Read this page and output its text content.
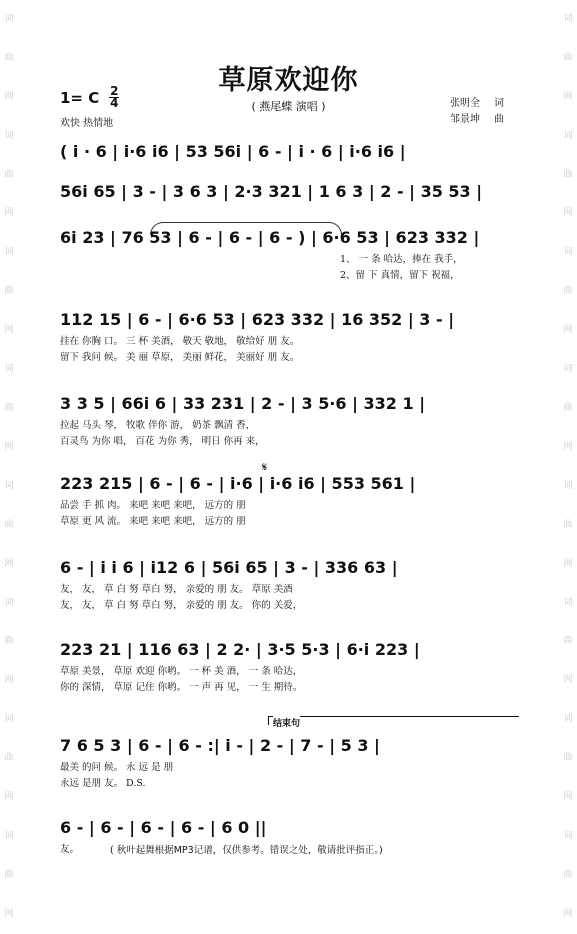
词
曲
网
词
曲
网
词
曲
网
词
曲
网
词
曲
网
词
曲
网
词
曲
网
词
曲
网
词
曲
网
词
曲
网
词
曲
网
词
曲
网
词
曲
网
词
曲
网
词
曲
网
词
曲
网
草原欢迎你
( 燕尾蝶 演唱 )
1= C 2
4
欢快 热情地
张明全 词
邹景坤 曲
𝄋
结束句
( i · 6 | i·6 i6 | 53 56i | 6 - | i · 6 | i·6 i6 |
56i 65 | 3 - | 3 6 3 | 2·3 321 | 1 6 3 | 2 - | 35 53 |
6i 23 | 76 53 | 6 - | 6 - | 6 - ) | 6·6 53 | 623 332 |
1、 一 条 哈达，捧在 我手，
2、留 下 真情，留下 祝福，
112 15 | 6 - | 6·6 53 | 623 332 | 16 352 | 3 - |
挂在 你胸 口。 三 杯 美酒， 敬天 敬地， 敬给好 朋 友。
留下 我问 候。 美 丽 草原， 美丽 鲜花， 美丽好 朋 友。
3 3 5 | 66i 6 | 33 231 | 2 - | 3 5·6 | 332 1 |
拉起 马头 琴， 牧歌 伴你 游， 奶茶 飘清 香，
百灵鸟 为你 唱， 百花 为你 秀， 明日 你再 来，
223 215 | 6 - | 6 - | i·6 | i·6 i6 | 553 561 |
品尝 手 抓 肉。 来吧 来吧 来吧， 远方的 朋
草原 更 风 流。 来吧 来吧 来吧， 远方的 朋
6 - | i i 6 | i12 6 | 56i 65 | 3 - | 336 63 |
友， 友， 草 白 努 草白 努， 亲爱的 朋 友。 草原 美酒
友， 友， 草 白 努 草白 努， 亲爱的 朋 友。 你的 关爱，
223 21 | 116 63 | 2 2· | 3·5 5·3 | 6·i 223 |
草原 美景， 草原 欢迎 你哟。 一 杯 美 酒， 一 条 哈达，
你的 深情， 草原 记住 你哟。 一 声 再 见， 一 生 期待。
7 6 5 3 | 6 - | 6 - :| i - | 2 - | 7 - | 5 3 |
最美 的问 候。 永 远 是 朋
永远 是朋 友。 D.S.
6 - | 6 - | 6 - | 6 - | 6 0 ||
友。	( 秋叶起舞根据MP3记谱，仅供参考。错误之处，敬请批评指正。)
